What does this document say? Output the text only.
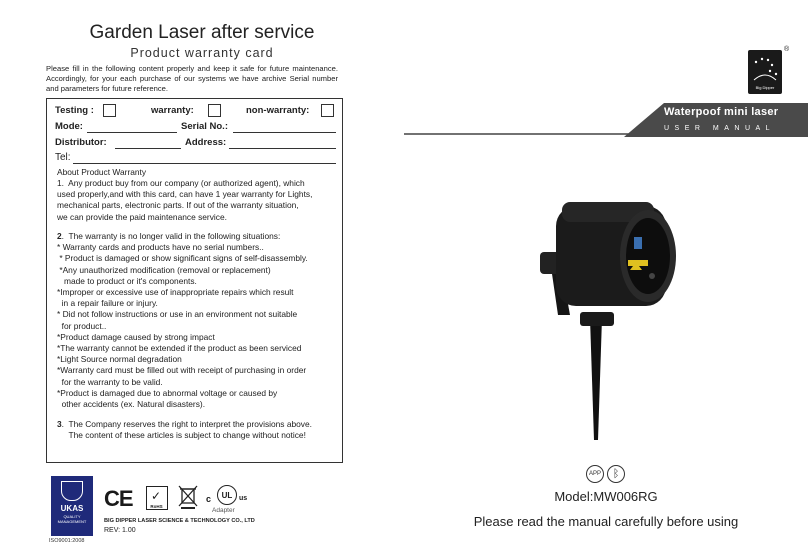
Garden Laser after service
Product warranty card
Please fill in the following content properly and keep it safe for future maintenance. Accordingly, for your each purchase of our systems we have archive Serial number and parameters for future reference.
Testing :	warranty:	non-warranty:
Mode:	Serial No.:
Distributor:	Address:
Tel:
About Product Warranty
1.  Any product buy from our company (or authorized agent), which
used properly,and with this card, can have 1 year warranty for Lights,
mechanical parts, electronic parts. If out of the warranty situation,
we can provide the paid maintenance service.
2.  The warranty is no longer valid in the following situations:
* Warranty cards and products have no serial numbers..
* Product is damaged or show significant signs of self-disassembly.
*Any unauthorized modification (removal or replacement)
made to product or it's components.
*Improper or excessive use of inappropriate repairs which result
in a repair failure or injury.
* Did not follow instructions or use in an environment not suitable
for product..
*Product damage caused by strong impact
*The warranty cannot be extended if the product as been serviced
*Light Source normal degradation
*Warranty card must be filled out with receipt of purchasing in order
for the warranty to be valid.
*Product is damaged due to abnormal voltage or caused by
other accidents (ex. Natural disasters).
3.  The Company reserves the right to interpret the provisions above.
The content of these articles is subject to change without notice!
UKAS
QUALITY
MANAGEMENT
ISO9001:2008
CE ✓
RoHS
c	UL us
Adapter
BIG DIPPER LASER SCIENCE & TECHNOLOGY CO., LTD
REV: 1.00
Big Dipper
®
Waterpoof mini laser
USER MANUAL
APP	ᛒ
Model:MW006RG
Please read the manual carefully before using
